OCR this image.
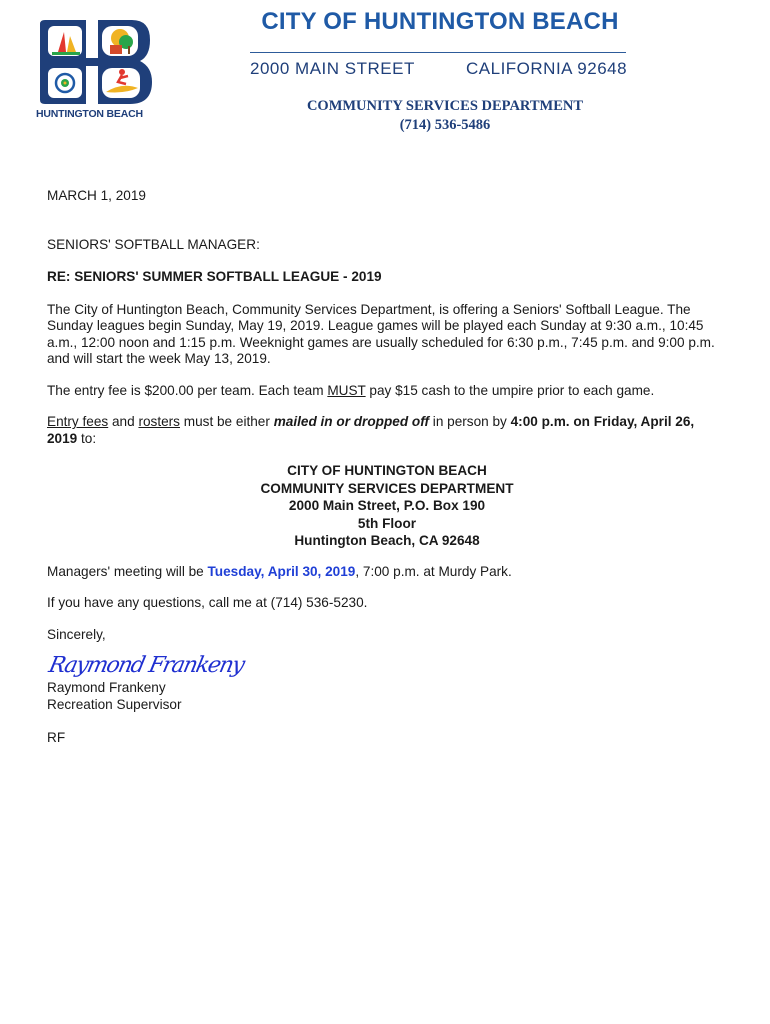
HUNTINGTON BEACH
CITY OF HUNTINGTON BEACH
2000 MAIN STREET	CALIFORNIA 92648
COMMUNITY SERVICES DEPARTMENT
(714) 536-5486

MARCH 1, 2019

SENIORS' SOFTBALL MANAGER:

RE: SENIORS' SUMMER SOFTBALL LEAGUE - 2019

The City of Huntington Beach, Community Services Department, is offering a Seniors' Softball League. The Sunday leagues begin Sunday, May 19, 2019. League games will be played each Sunday at 9:30 a.m., 10:45 a.m., 12:00 noon and 1:15 p.m. Weeknight games are usually scheduled for 6:30 p.m., 7:45 p.m. and 9:00 p.m. and will start the week May 13, 2019.

The entry fee is $200.00 per team. Each team MUST pay $15 cash to the umpire prior to each game.

Entry fees and rosters must be either mailed in or dropped off in person by 4:00 p.m. on Friday, April 26, 2019 to:

CITY OF HUNTINGTON BEACH
COMMUNITY SERVICES DEPARTMENT
2000 Main Street, P.O. Box 190
5th Floor
Huntington Beach, CA 92648

Managers' meeting will be Tuesday, April 30, 2019, 7:00 p.m. at Murdy Park.

If you have any questions, call me at (714) 536-5230.

Sincerely,

Raymond Frankeny

Raymond Frankeny

Recreation Supervisor

RF
